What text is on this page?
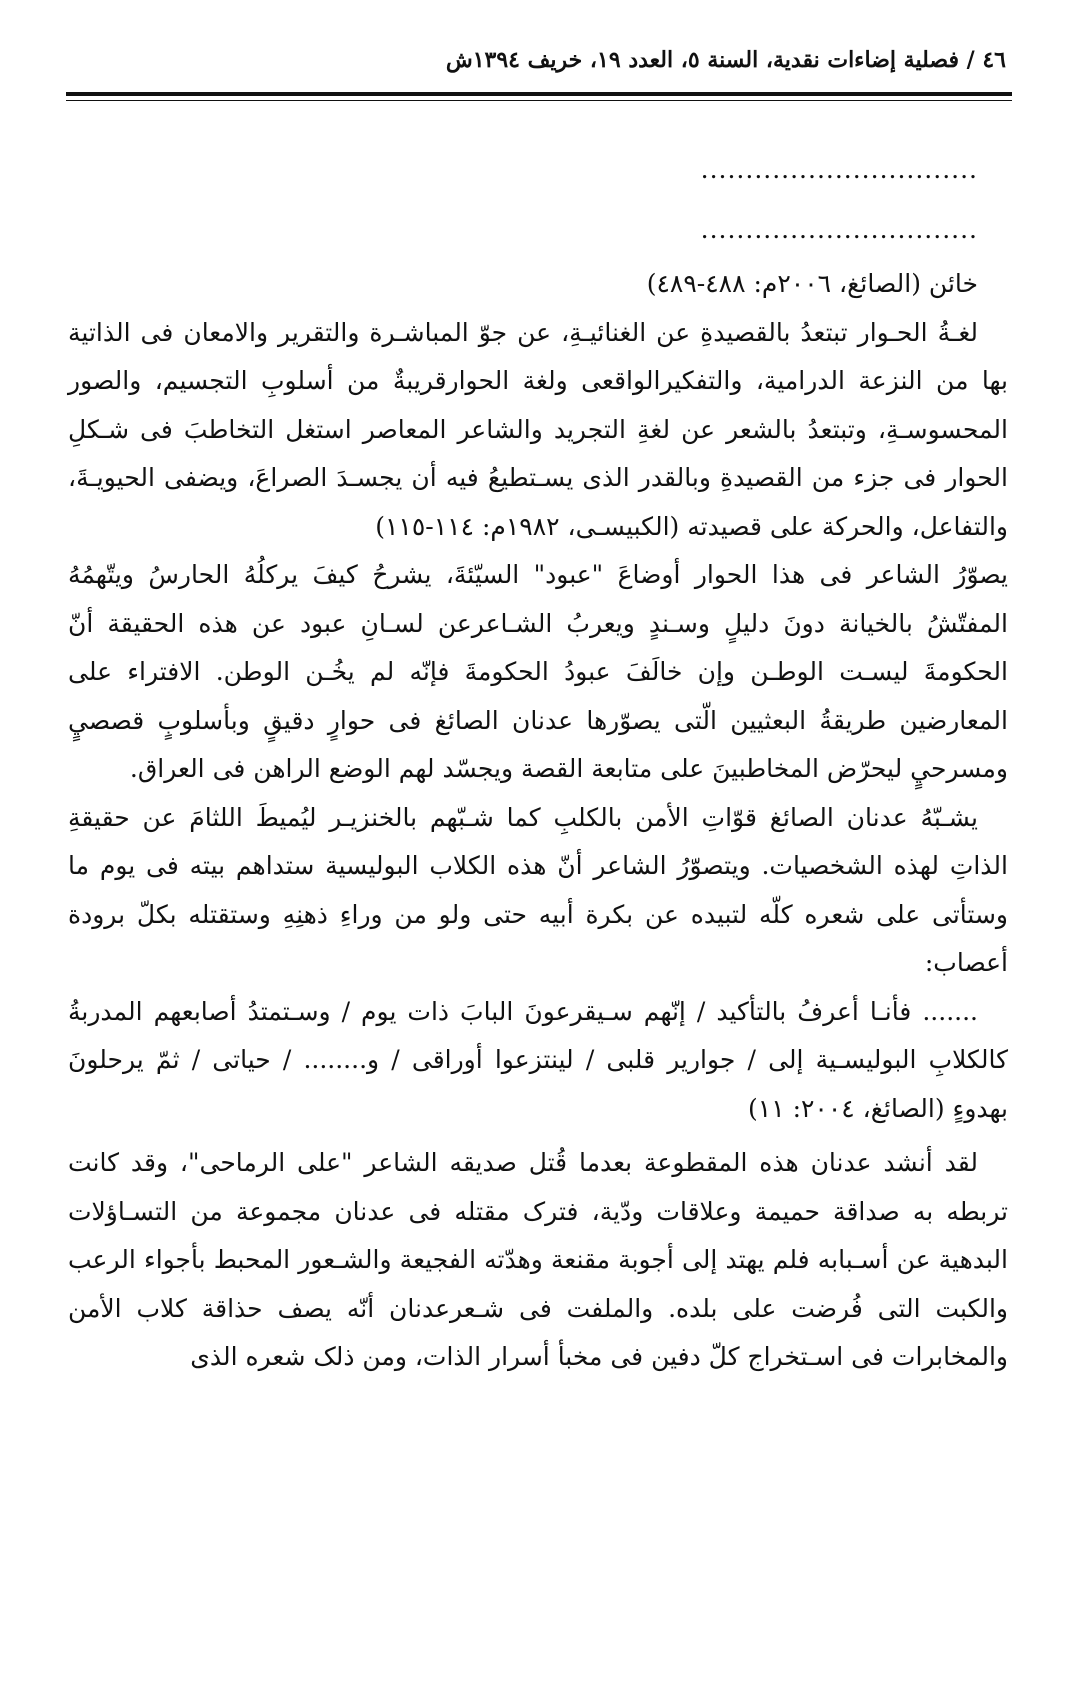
٤٦ / فصلية إضاءات نقدية، السنة ٥، العدد ١٩، خريف ١٣٩٤ش
...............................
...............................
خائن (الصائغ، ٢٠٠٦م: ٤٨٨-٤٨٩)

لغـةُ الحـوار تبتعدُ بالقصيدةِ عن الغنائيـةِ، عن جوّ المباشـرة والتقرير والامعان فى الذاتية بها من النزعة الدرامية، والتفكيرالواقعى ولغة الحوارقريبةٌ من أسلوبِ التجسيم، والصور المحسوسـةِ، وتبتعدُ بالشعر عن لغةِ التجريد والشاعر المعاصر استغل التخاطبَ فى شـكلِ الحوار فى جزء من القصيدةِ وبالقدر الذى يسـتطيعُ فيه أن يجسـدَ الصراعَ، ويضفى الحيويـةَ، والتفاعل، والحركة على قصيدته (الكبيسـى، ١٩٨٢م: ١١٤-١١٥)

يصوّرُ الشاعر فى هذا الحوار أوضاعَ "عبود" السيّئةَ، يشرحُ كيفَ يركلُهُ الحارسُ ويتّهمُهُ المفتّشُ بالخيانة دونَ دليلٍ وسـندٍ ويعربُ الشـاعرعن لسـانِ عبود عن هذه الحقيقة أنّ الحكومةَ ليسـت الوطـن وإن خالَفَ عبودُ الحكومةَ فإنّه لم يخُـن الوطن. الافتراء على المعارضين طريقةُ البعثيين الّتى يصوّرها عدنان الصائغ فى حوارٍ دقيقٍ وبأسلوبٍ قصصيٍ ومسرحيٍ ليحرّض المخاطبينَ على متابعة القصة ويجسّد لهم الوضع الراهن فى العراق.

يشـبّهُ عدنان الصائغ قوّاتِ الأمن بالكلبِ كما شـبّهم بالخنزيـر ليُميطَ اللثامَ عن حقيقةِ الذاتِ لهذه الشخصيات. ويتصوّرُ الشاعر أنّ هذه الكلاب البوليسية ستداهم بيته فى يوم ما وستأتى على شعره كلّه لتبيده عن بكرة أبيه حتى ولو من وراءِ ذهنِهِ وستقتله بكلّ برودة أعصاب:

....... فأنـا أعرفُ بالتأكيد / إنّهم سـيقرعونَ البابَ ذات يوم / وسـتمتدُ أصابعهم المدربةُ كالكلابِ البوليسـية إلى / جوارير قلبى / لينتزعوا أوراقى / و........ / حياتى / ثمّ يرحلونَ بهدوءٍ (الصائغ، ٢٠٠٤: ١١)

لقد أنشد عدنان هذه المقطوعة بعدما قُتل صديقه الشاعر "على الرماحى"، وقد كانت تربطه به صداقة حميمة وعلاقات ودّية، فترک مقتله فى عدنان مجموعة من التسـاؤلات البدهية عن أسـبابه فلم يهتد إلى أجوبة مقنعة وهدّته الفجيعة والشـعور المحبط بأجواء الرعب والكبت التى فُرضت على بلده. والملفت فى شـعرعدنان أنّه يصف حذاقة كلاب الأمن والمخابرات فى اسـتخراج كلّ دفين فى مخبأ أسرار الذات، ومن ذلک شعره الذى
